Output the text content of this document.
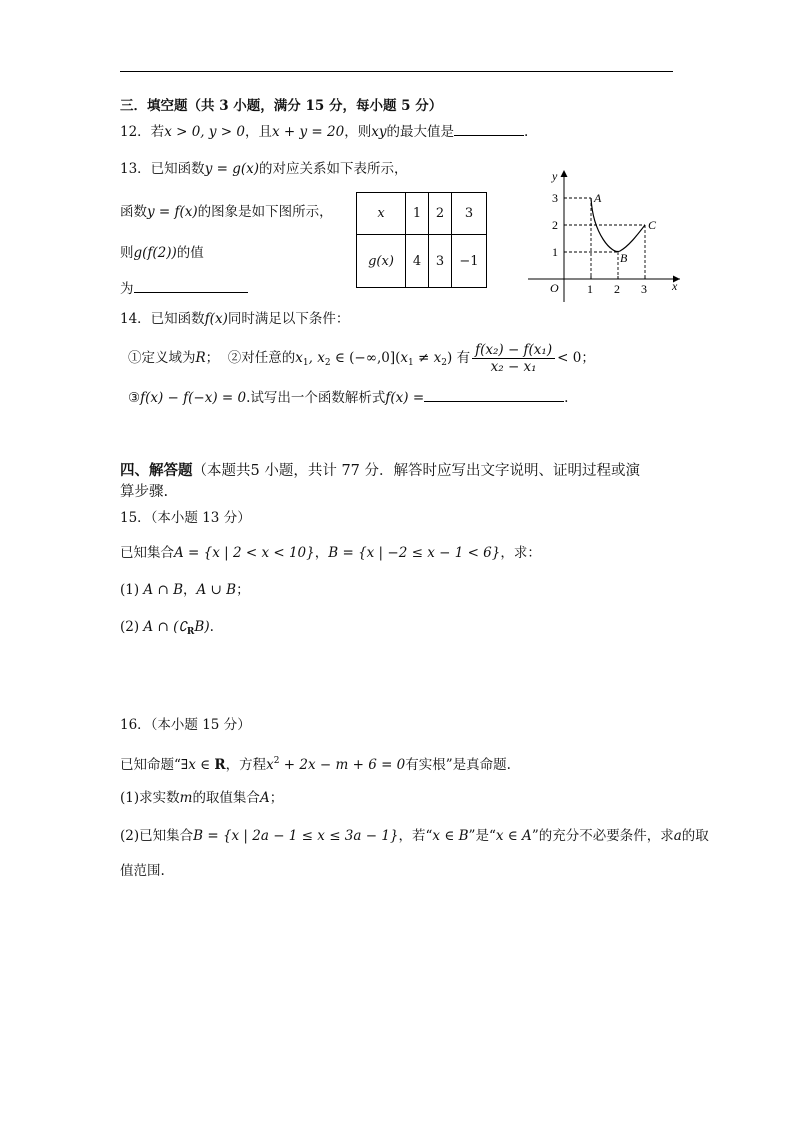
三．填空题（共 3 小题，满分 15 分，每小题 5 分）
12．若x > 0, y > 0，且x + y = 20，则xy的最大值是	.
13．已知函数y = g(x)的对应关系如下表所示，
函数y = f(x)的图象是如下图所示，
则g(f(2))的值
为
x	1	2	3
g(x)	4	3	−1
y
x
O 1 2 3
1
2
3	A
B
C
14．已知函数f(x)同时满足以下条件：
①定义域为R； ②对任意的$x_1$, $x_2$ ∈ $(-\infty,0](x_1 \ne x_2)$ 有 $\frac{\text{f(x₂) − f(x₁)}}{\text{x₂ − x₁}} < 0$；
③f(x) − f(−x) = 0.试写出一个函数解析式f(x) =	.
四、解答题（本题共5 小题，共计 77 分．解答时应写出文字说明、证明过程或演
算步骤.
15．（本小题 13 分）
已知集合A = {x | 2 < x < 10}，B = {x | −2 ≤ x − 1 < 6}，求：
(1) A ∩ B，A ∪ B；
(2) A ∩ $(∁_RB)$.
16．（本小题 15 分）
已知命题“∃x ∈ R，方程$x^2 + 2x - m + 6 = 0$有实根”是真命题.
(1)求实数m的取值集合A；
(2)已知集合B = {x | 2a − 1 ≤ x ≤ 3a − 1}，若“x ∈ B”是“x ∈ A”的充分不必要条件，求a的取
值范围.
